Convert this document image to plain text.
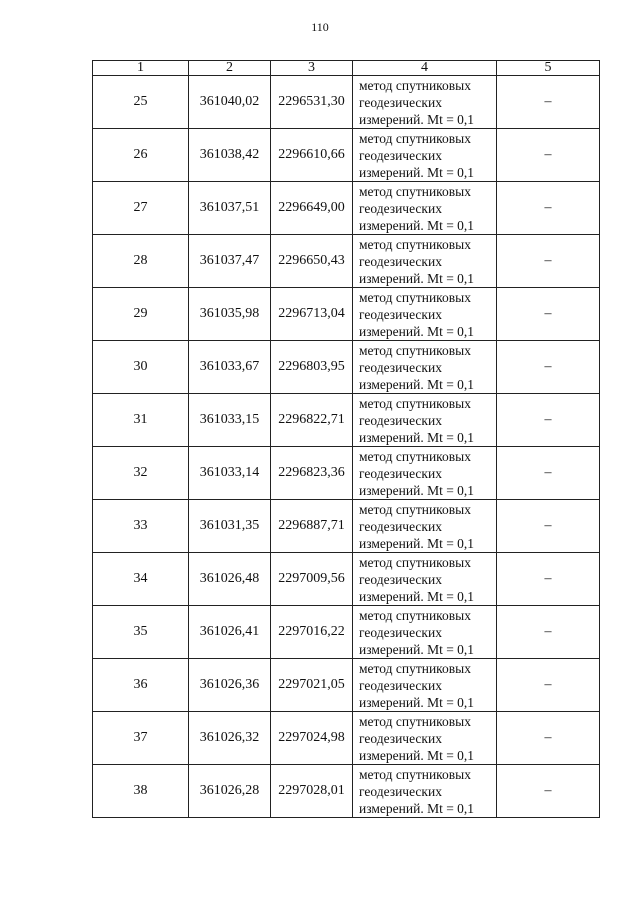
110
1	2	3	4	5
25	361040,02	2296531,30	метод спутниковых
геодезических
измерений. Mt = 0,1	–
26	361038,42	2296610,66	метод спутниковых
геодезических
измерений. Mt = 0,1	–
27	361037,51	2296649,00	метод спутниковых
геодезических
измерений. Mt = 0,1	–
28	361037,47	2296650,43	метод спутниковых
геодезических
измерений. Mt = 0,1	–
29	361035,98	2296713,04	метод спутниковых
геодезических
измерений. Mt = 0,1	–
30	361033,67	2296803,95	метод спутниковых
геодезических
измерений. Mt = 0,1	–
31	361033,15	2296822,71	метод спутниковых
геодезических
измерений. Mt = 0,1	–
32	361033,14	2296823,36	метод спутниковых
геодезических
измерений. Mt = 0,1	–
33	361031,35	2296887,71	метод спутниковых
геодезических
измерений. Mt = 0,1	–
34	361026,48	2297009,56	метод спутниковых
геодезических
измерений. Mt = 0,1	–
35	361026,41	2297016,22	метод спутниковых
геодезических
измерений. Mt = 0,1	–
36	361026,36	2297021,05	метод спутниковых
геодезических
измерений. Mt = 0,1	–
37	361026,32	2297024,98	метод спутниковых
геодезических
измерений. Mt = 0,1	–
38	361026,28	2297028,01	метод спутниковых
геодезических
измерений. Mt = 0,1	–
